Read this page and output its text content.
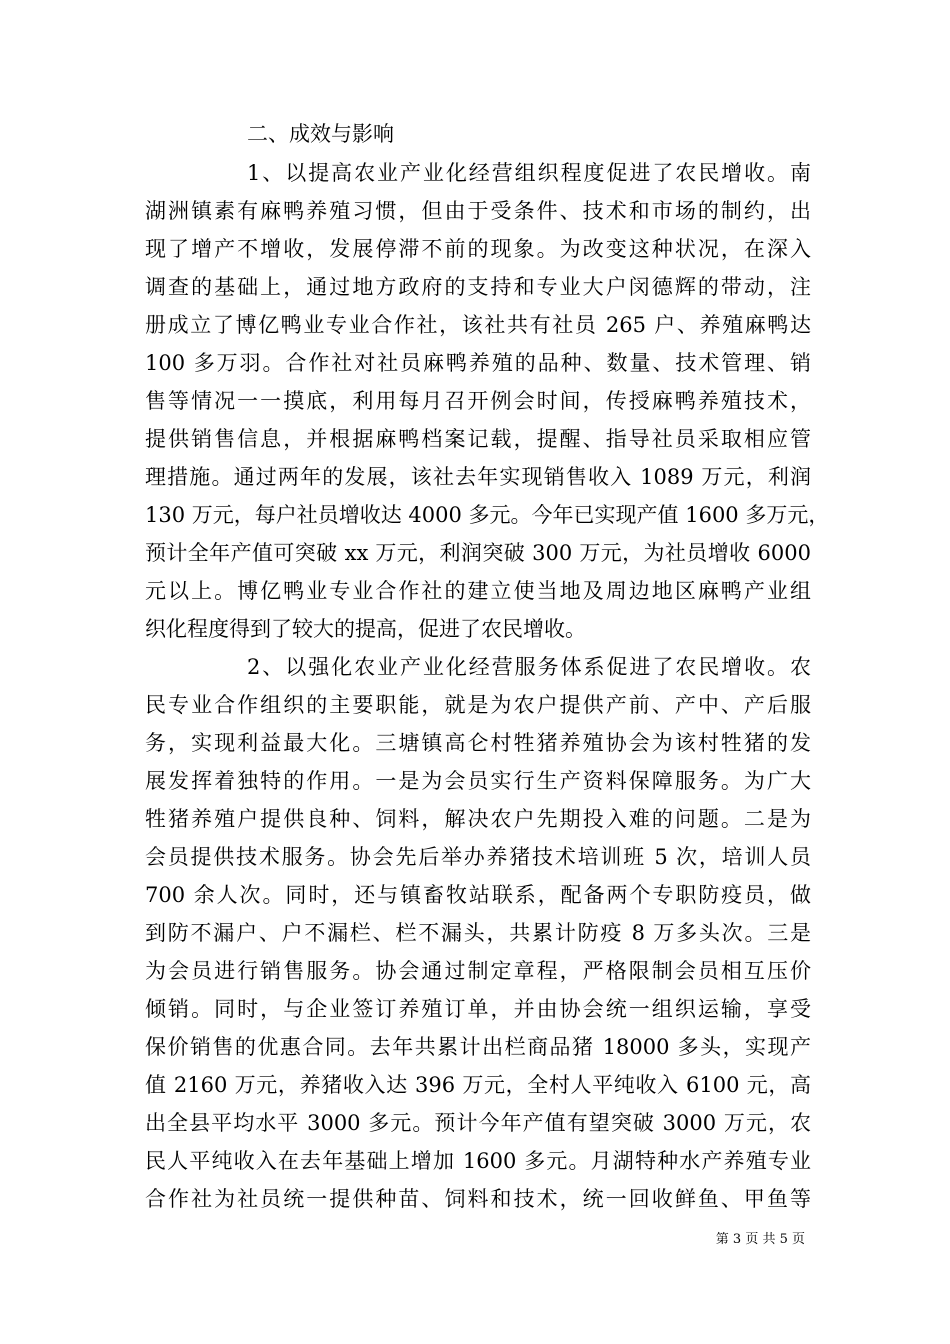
二、成效与影响
1、以提高农业产业化经营组织程度促进了农民增收。南
湖洲镇素有麻鸭养殖习惯，但由于受条件、技术和市场的制约，出
现了增产不增收，发展停滞不前的现象。为改变这种状况，在深入
调查的基础上，通过地方政府的支持和专业大户闵德辉的带动，注
册成立了博亿鸭业专业合作社，该社共有社员 265 户、养殖麻鸭达
100 多万羽。合作社对社员麻鸭养殖的品种、数量、技术管理、销
售等情况一一摸底，利用每月召开例会时间，传授麻鸭养殖技术，
提供销售信息，并根据麻鸭档案记载，提醒、指导社员采取相应管
理措施。通过两年的发展，该社去年实现销售收入 1089 万元，利润
130 万元，每户社员增收达 4000 多元。今年已实现产值 1600 多万元，
预计全年产值可突破 xx 万元，利润突破 300 万元，为社员增收 6000
元以上。博亿鸭业专业合作社的建立使当地及周边地区麻鸭产业组
织化程度得到了较大的提高，促进了农民增收。
2、以强化农业产业化经营服务体系促进了农民增收。农
民专业合作组织的主要职能，就是为农户提供产前、产中、产后服
务，实现利益最大化。三塘镇高仑村牲猪养殖协会为该村牲猪的发
展发挥着独特的作用。一是为会员实行生产资料保障服务。为广大
牲猪养殖户提供良种、饲料，解决农户先期投入难的问题。二是为
会员提供技术服务。协会先后举办养猪技术培训班 5 次，培训人员
700 余人次。同时，还与镇畜牧站联系，配备两个专职防疫员，做
到防不漏户、户不漏栏、栏不漏头，共累计防疫 8 万多头次。三是
为会员进行销售服务。协会通过制定章程，严格限制会员相互压价
倾销。同时，与企业签订养殖订单，并由协会统一组织运输，享受
保价销售的优惠合同。去年共累计出栏商品猪 18000 多头，实现产
值 2160 万元，养猪收入达 396 万元，全村人平纯收入 6100 元，高
出全县平均水平 3000 多元。预计今年产值有望突破 3000 万元，农
民人平纯收入在去年基础上增加 1600 多元。月湖特种水产养殖专业
合作社为社员统一提供种苗、饲料和技术，统一回收鲜鱼、甲鱼等
第 3 页 共 5 页
